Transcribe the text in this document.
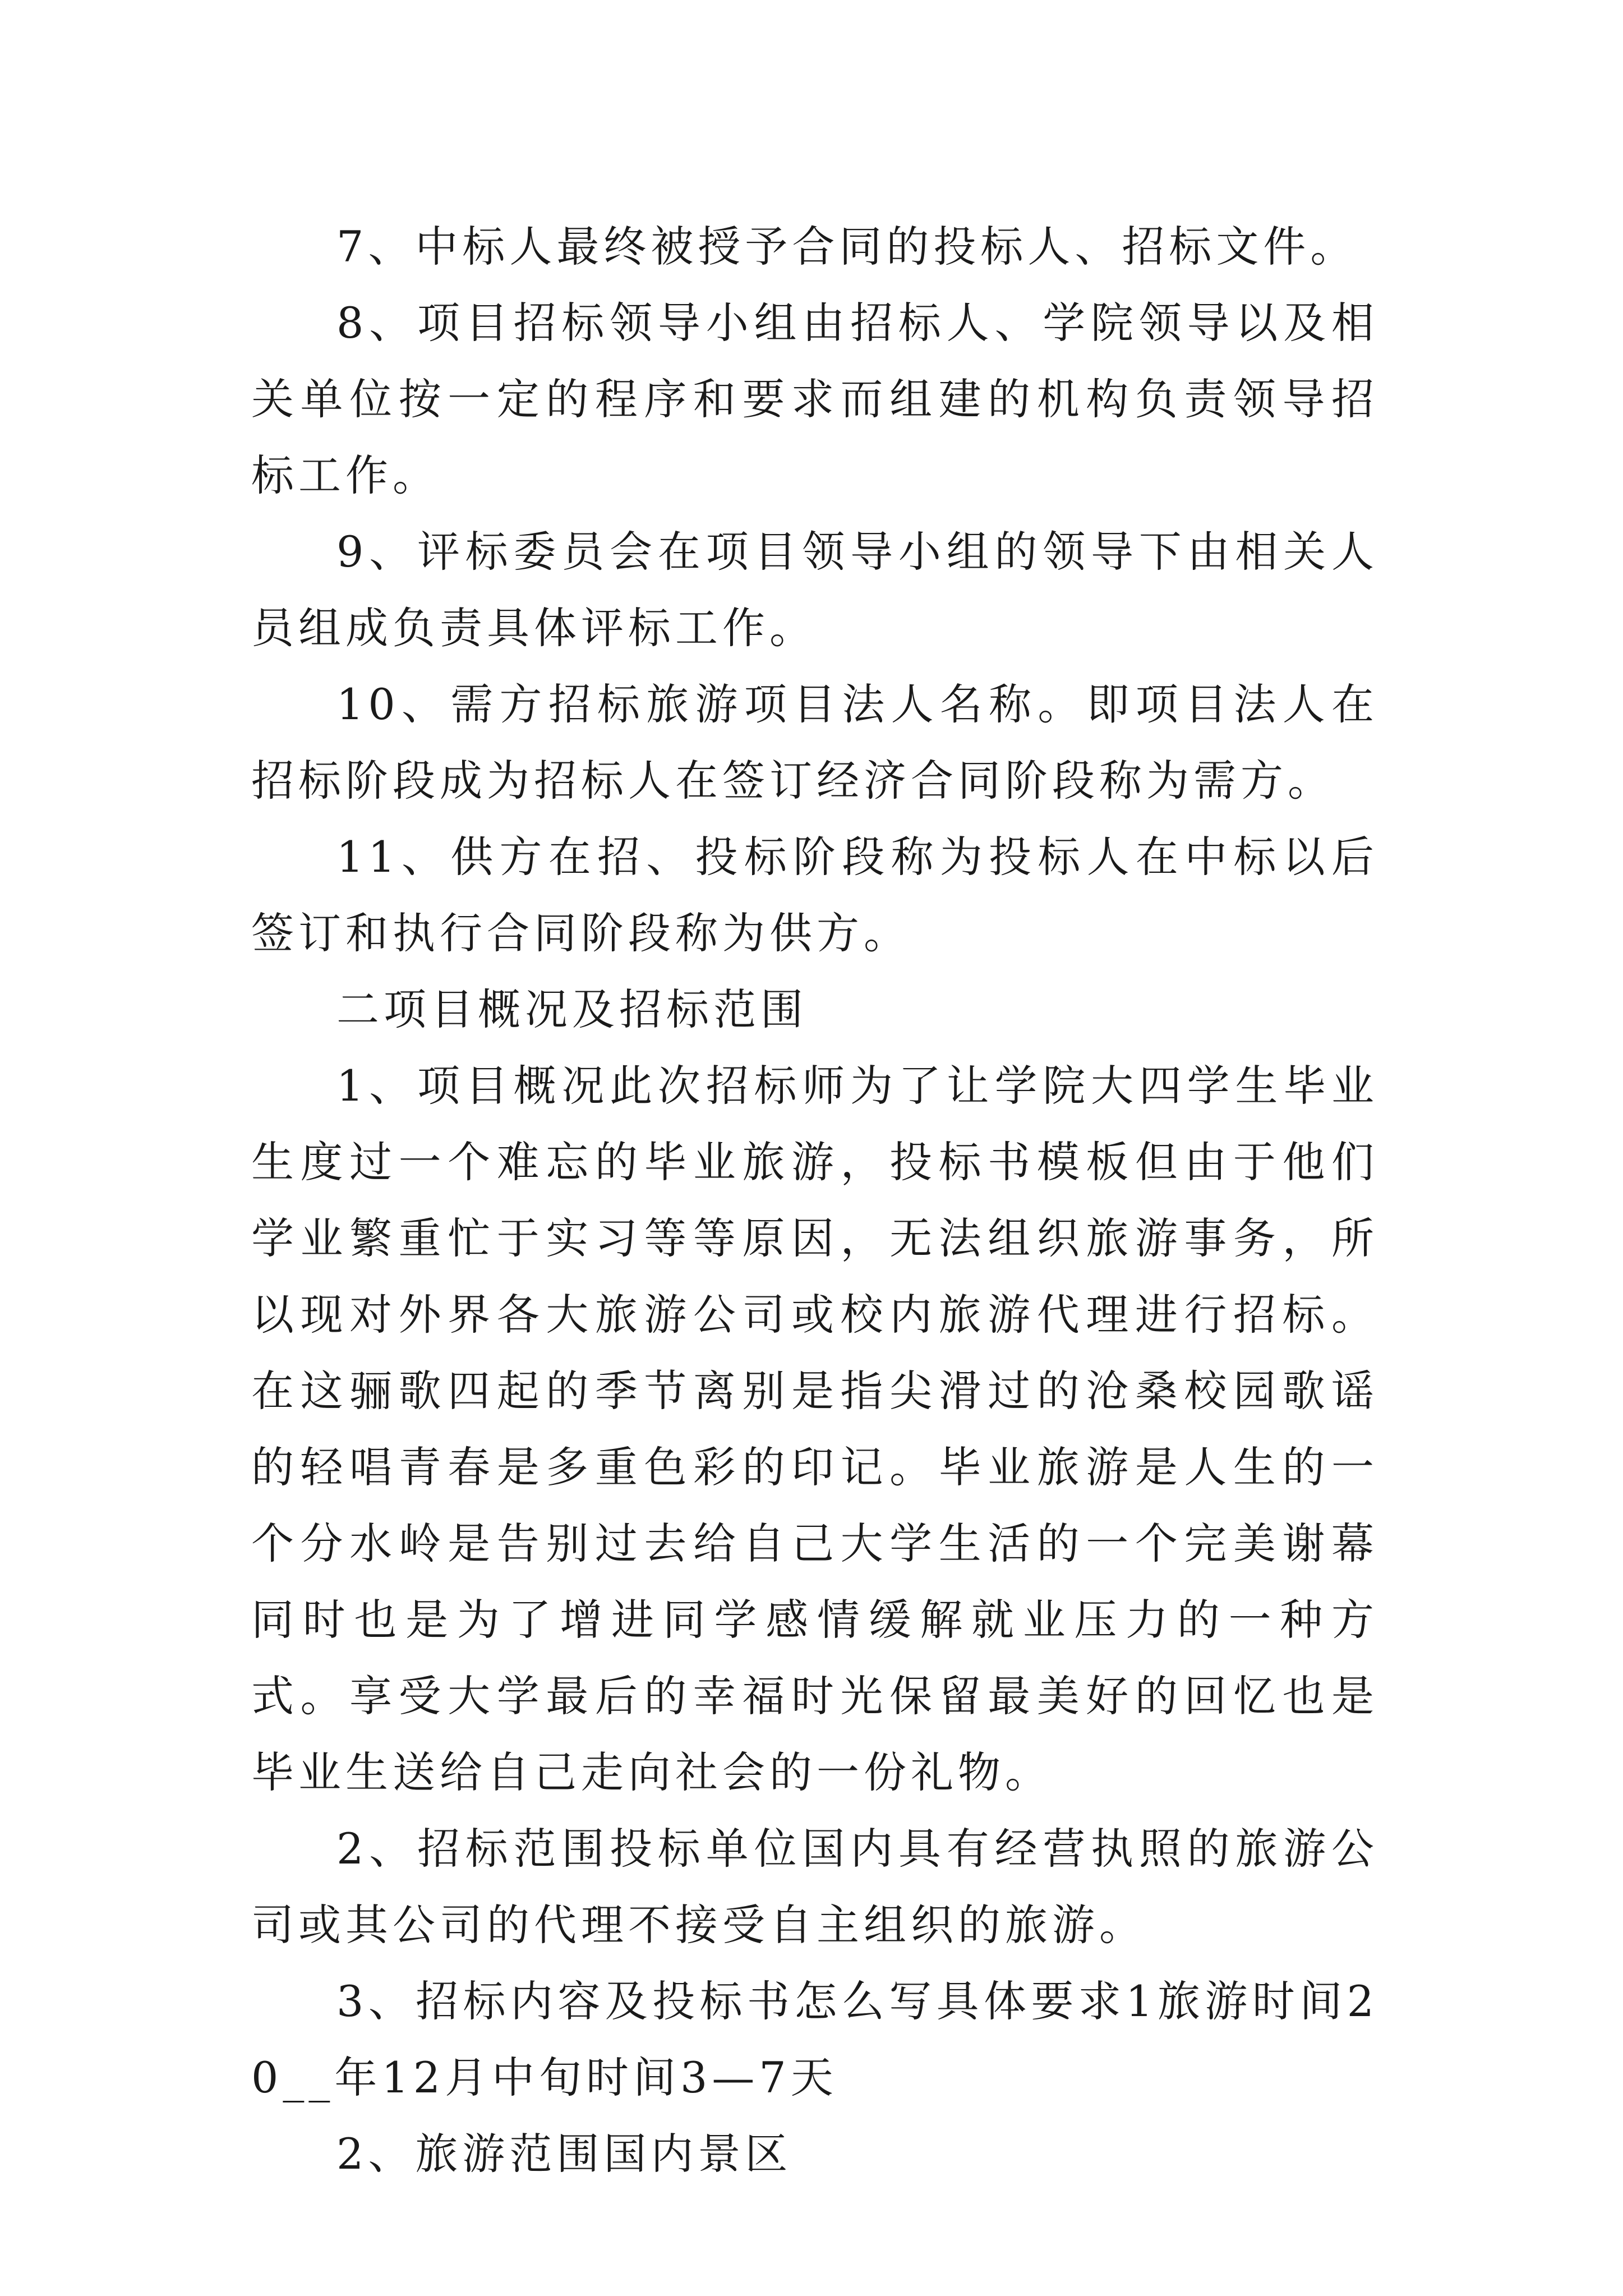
7、中标人最终被授予合同的投标人、招标文件。

8、项目招标领导小组由招标人、学院领导以及相关单位按一定的程序和要求而组建的机构负责领导招标工作。

9、评标委员会在项目领导小组的领导下由相关人员组成负责具体评标工作。

10、需方招标旅游项目法人名称。即项目法人在招标阶段成为招标人在签订经济合同阶段称为需方。

11、供方在招、投标阶段称为投标人在中标以后签订和执行合同阶段称为供方。

二项目概况及招标范围

1、项目概况此次招标师为了让学院大四学生毕业生度过一个难忘的毕业旅游，投标书模板但由于他们学业繁重忙于实习等等原因，无法组织旅游事务，所以现对外界各大旅游公司或校内旅游代理进行招标。在这骊歌四起的季节离别是指尖滑过的沧桑校园歌谣的轻唱青春是多重色彩的印记。毕业旅游是人生的一个分水岭是告别过去给自己大学生活的一个完美谢幕同时也是为了增进同学感情缓解就业压力的一种方式。享受大学最后的幸福时光保留最美好的回忆也是毕业生送给自己走向社会的一份礼物。

2、招标范围投标单位国内具有经营执照的旅游公司或其公司的代理不接受自主组织的旅游。

3、招标内容及投标书怎么写具体要求1旅游时间20__年12月中旬时间3—7天

2、旅游范围国内景区
